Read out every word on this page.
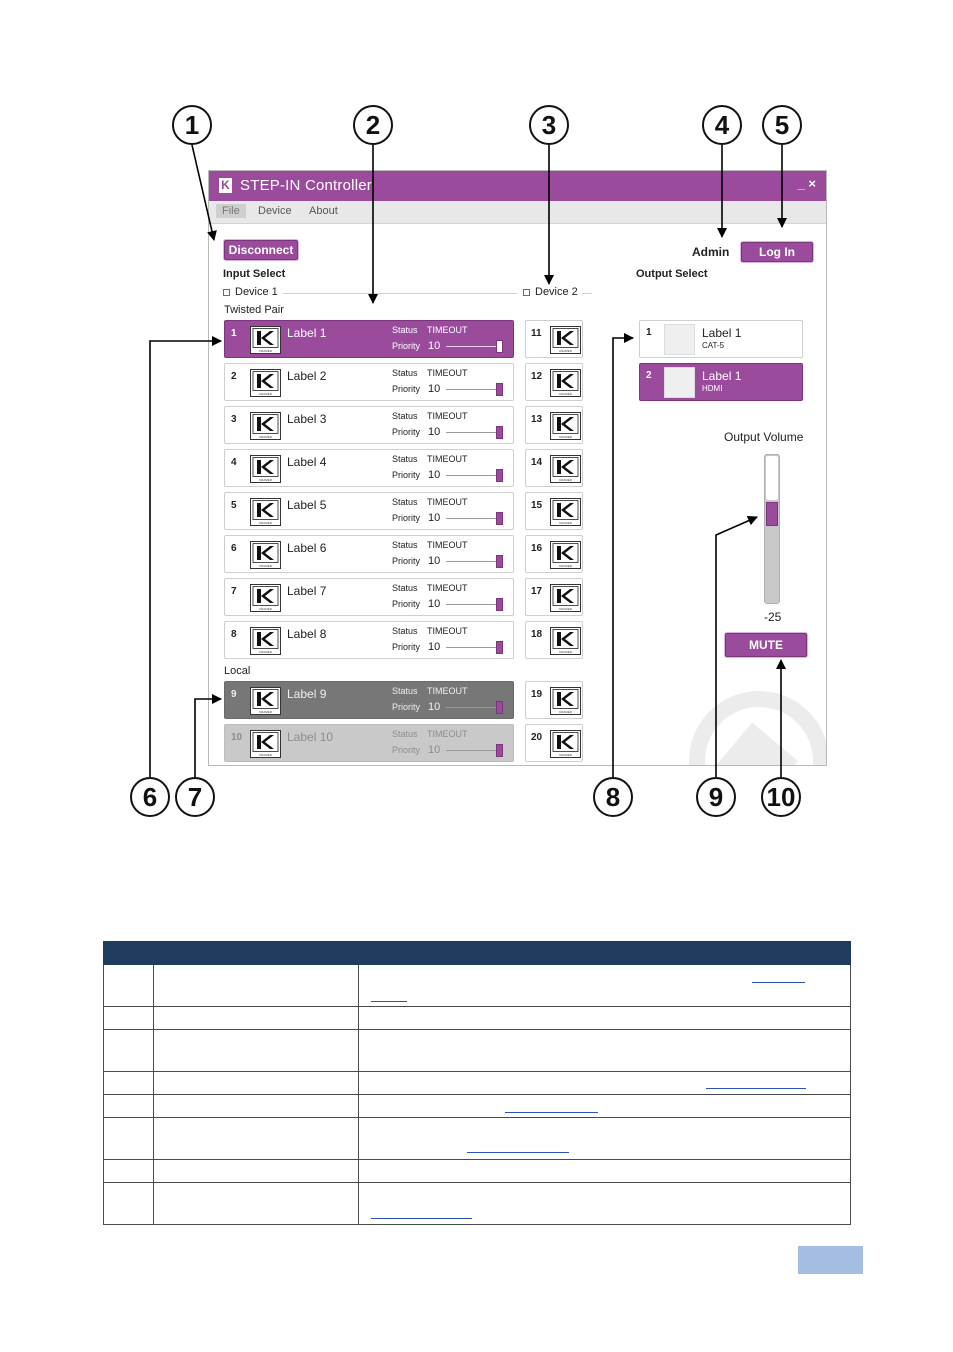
1	2	3	4	5
6	7	8	9	10
K STEP-IN Controller	_ ×
File	Device About
Disconnect	Admin	Log In
Input Select	Output Select
Device 1	Device 2
Twisted Pair
Local
1
KRAMER
Label 1	Status TIMEOUT
Priority 10
2
KRAMER
Label 2	Status TIMEOUT
Priority 10
3
KRAMER
Label 3	Status TIMEOUT
Priority 10
4
KRAMER
Label 4	Status TIMEOUT
Priority 10
5
KRAMER
Label 5	Status TIMEOUT
Priority 10
6
KRAMER
Label 6	Status TIMEOUT
Priority 10
7
KRAMER
Label 7	Status TIMEOUT
Priority 10
8
KRAMER
Label 8	Status TIMEOUT
Priority 10
9
KRAMER
Label 9	Status TIMEOUT
Priority 10
10
KRAMER
Label 10	Status TIMEOUT
Priority 10
11
KRAMER
12
KRAMER
13
KRAMER
14
KRAMER
15
KRAMER
16
KRAMER
17
KRAMER
18
KRAMER
19
KRAMER
20
KRAMER
1	Label 1
CAT-5
2	Label 1
HDMI
Output Volume
-25
MUTE
